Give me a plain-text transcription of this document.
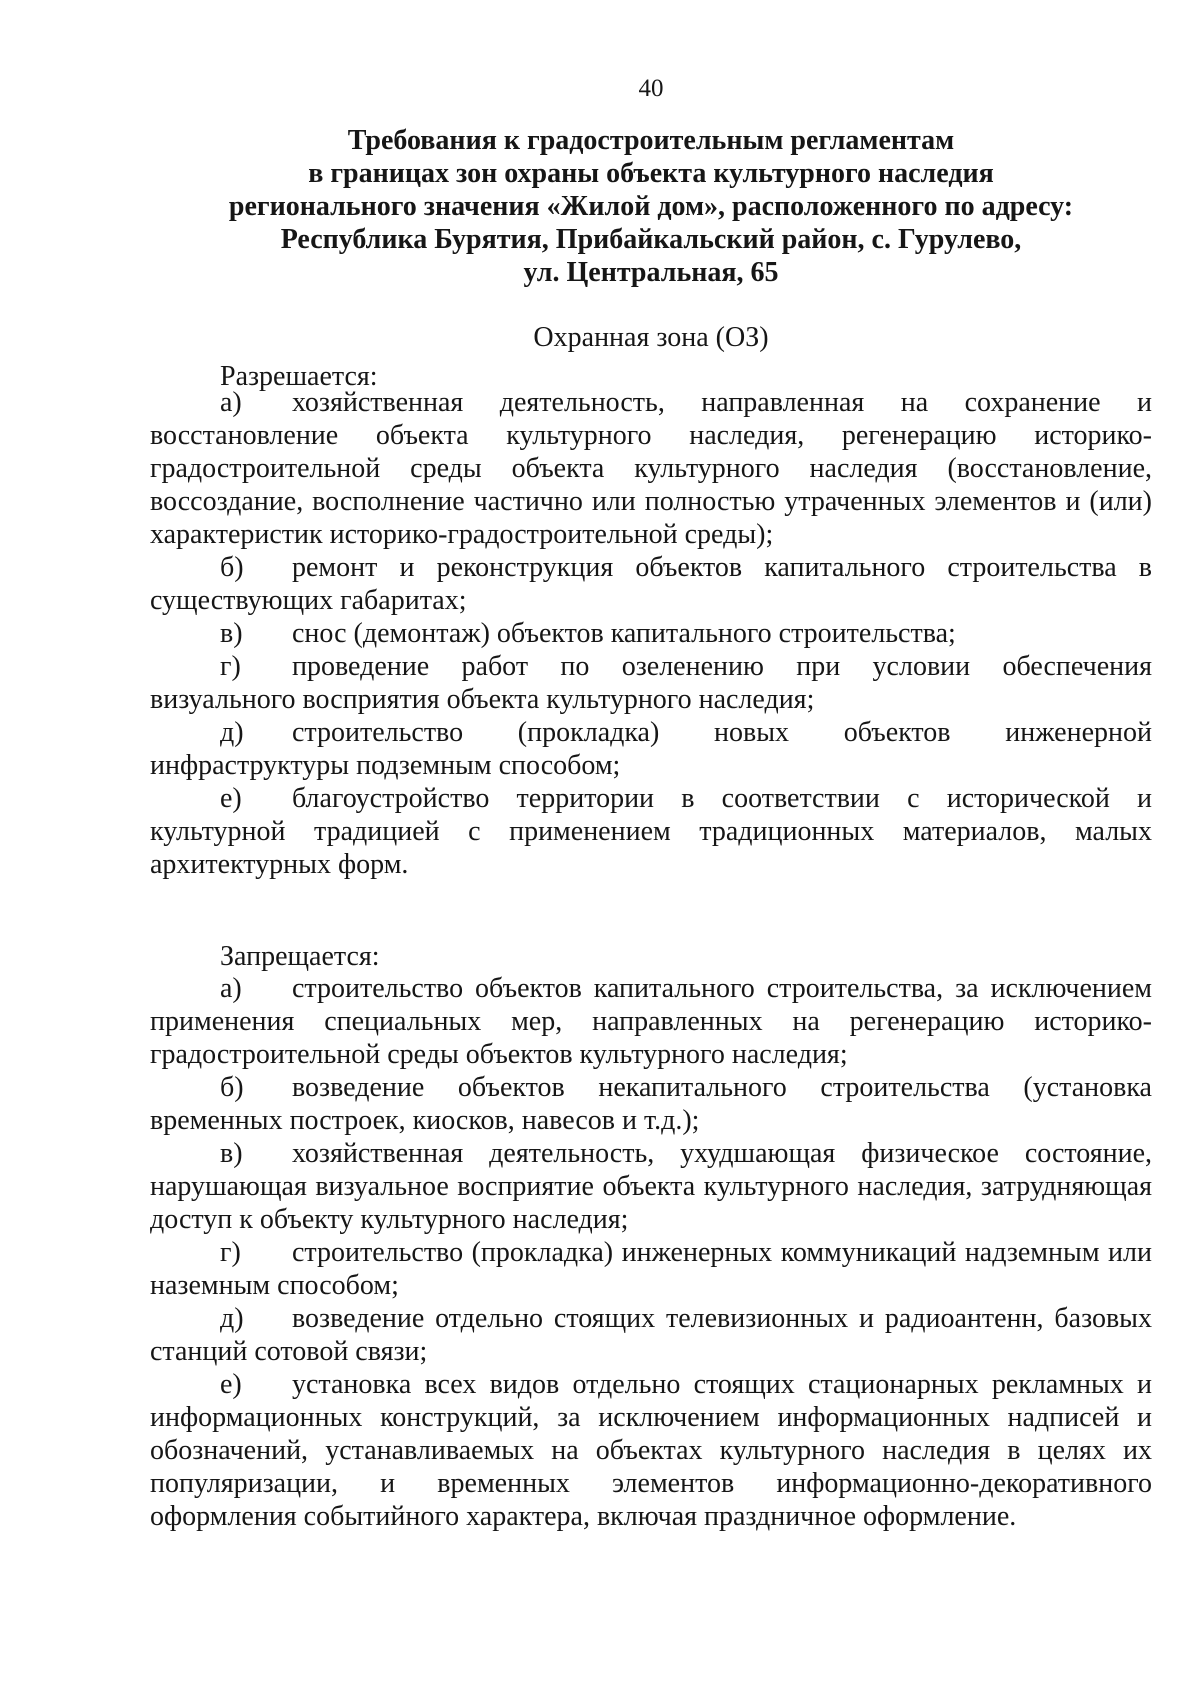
40
Требования к градостроительным регламентам
в границах зон охраны объекта культурного наследия
регионального значения «Жилой дом», расположенного по адресу:
Республика Бурятия, Прибайкальский район, с. Гурулево,
ул. Центральная, 65
Охранная зона (ОЗ)
Разрешается:
а) хозяйственная деятельность, направленная на сохранение и восстановление объекта культурного наследия, регенерацию историко-градостроительной среды объекта культурного наследия (восстановление, воссоздание, восполнение частично или полностью утраченных элементов и (или) характеристик историко-градостроительной среды);
б) ремонт и реконструкция объектов капитального строительства в существующих габаритах;
в) снос (демонтаж) объектов капитального строительства;
г) проведение работ по озеленению при условии обеспечения визуального восприятия объекта культурного наследия;
д) строительство (прокладка) новых объектов инженерной инфраструктуры подземным способом;
е) благоустройство территории в соответствии с исторической и культурной традицией с применением традиционных материалов, малых архитектурных форм.
Запрещается:
а) строительство объектов капитального строительства, за исключением применения специальных мер, направленных на регенерацию историко-градостроительной среды объектов культурного наследия;
б) возведение объектов некапитального строительства (установка временных построек, киосков, навесов и т.д.);
в) хозяйственная деятельность, ухудшающая физическое состояние, нарушающая визуальное восприятие объекта культурного наследия, затрудняющая доступ к объекту культурного наследия;
г) строительство (прокладка) инженерных коммуникаций надземным или наземным способом;
д) возведение отдельно стоящих телевизионных и радиоантенн, базовых станций сотовой связи;
е) установка всех видов отдельно стоящих стационарных рекламных и информационных конструкций, за исключением информационных надписей и обозначений, устанавливаемых на объектах культурного наследия в целях их популяризации, и временных элементов информационно-декоративного оформления событийного характера, включая праздничное оформление.
